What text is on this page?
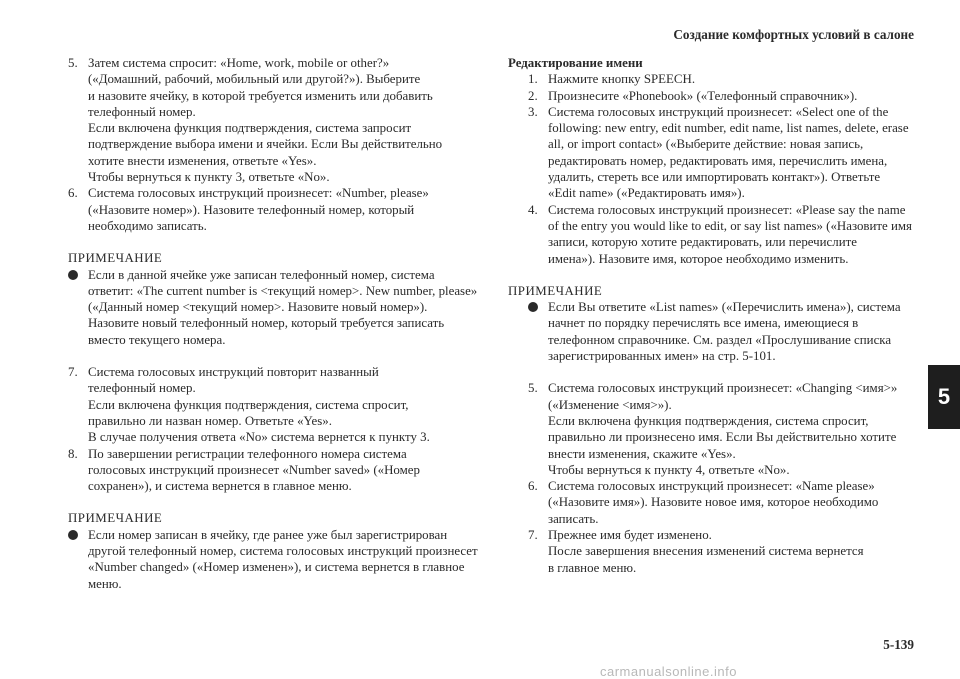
Создание комфортных условий в салоне
5. Затем система спросит: «Home, work, mobile or other?»
(«Домашний, рабочий, мобильный или другой?»). Выберите
и назовите ячейку, в которой требуется изменить или добавить
телефонный номер.
Если включена функция подтверждения, система запросит
подтверждение выбора имени и ячейки. Если Вы действительно
хотите внести изменения, ответьте «Yes».
Чтобы вернуться к пункту 3, ответьте «No».
6. Система голосовых инструкций произнесет: «Number, please»
(«Назовите номер»). Назовите телефонный номер, который
необходимо записать.
ПРИМЕЧАНИЕ
Если в данной ячейке уже записан телефонный номер, система ответит: «The current number is <текущий номер>. New number, please» («Данный номер <текущий номер>. Назовите новый номер»). Назовите новый телефонный номер, который требуется записать вместо текущего номера.
7. Система голосовых инструкций повторит названный
телефонный номер.
Если включена функция подтверждения, система спросит,
правильно ли назван номер. Ответьте «Yes».
В случае получения ответа «No» система вернется к пункту 3.
8. По завершении регистрации телефонного номера система
голосовых инструкций произнесет «Number saved» («Номер
сохранен»), и система вернется в главное меню.
ПРИМЕЧАНИЕ
Если номер записан в ячейку, где ранее уже был зарегистрирован другой телефонный номер, система голосовых инструкций произнесет «Number changed» («Номер изменен»), и система вернется в главное меню.
Редактирование имени
1. Нажмите кнопку SPEECH.
2. Произнесите «Phonebook» («Телефонный справочник»).
3. Система голосовых инструкций произнесет: «Select one of the
following: new entry, edit number, edit name, list names, delete, erase
all, or import contact» («Выберите действие: новая запись,
редактировать номер, редактировать имя, перечислить имена,
удалить, стереть все или импортировать контакт»). Ответьте
«Edit name» («Редактировать имя»).
4. Система голосовых инструкций произнесет: «Please say the name
of the entry you would like to edit, or say list names» («Назовите имя
записи, которую хотите редактировать, или перечислите
имена»). Назовите имя, которое необходимо изменить.
ПРИМЕЧАНИЕ
Если Вы ответите «List names» («Перечислить имена»), система начнет по порядку перечислять все имена, имеющиеся в телефонном справочнике. См. раздел «Прослушивание списка зарегистрированных имен» на стр. 5-101.
5. Система голосовых инструкций произнесет: «Changing <имя>»
(«Изменение <имя>»).
Если включена функция подтверждения, система спросит,
правильно ли произнесено имя. Если Вы действительно хотите
внести изменения, скажите «Yes».
Чтобы вернуться к пункту 4, ответьте «No».
6. Система голосовых инструкций произнесет: «Name please»
(«Назовите имя»). Назовите новое имя, которое необходимо
записать.
7. Прежнее имя будет изменено.
После завершения внесения изменений система вернется
в главное меню.
5
5-139
carmanualsonline.info
